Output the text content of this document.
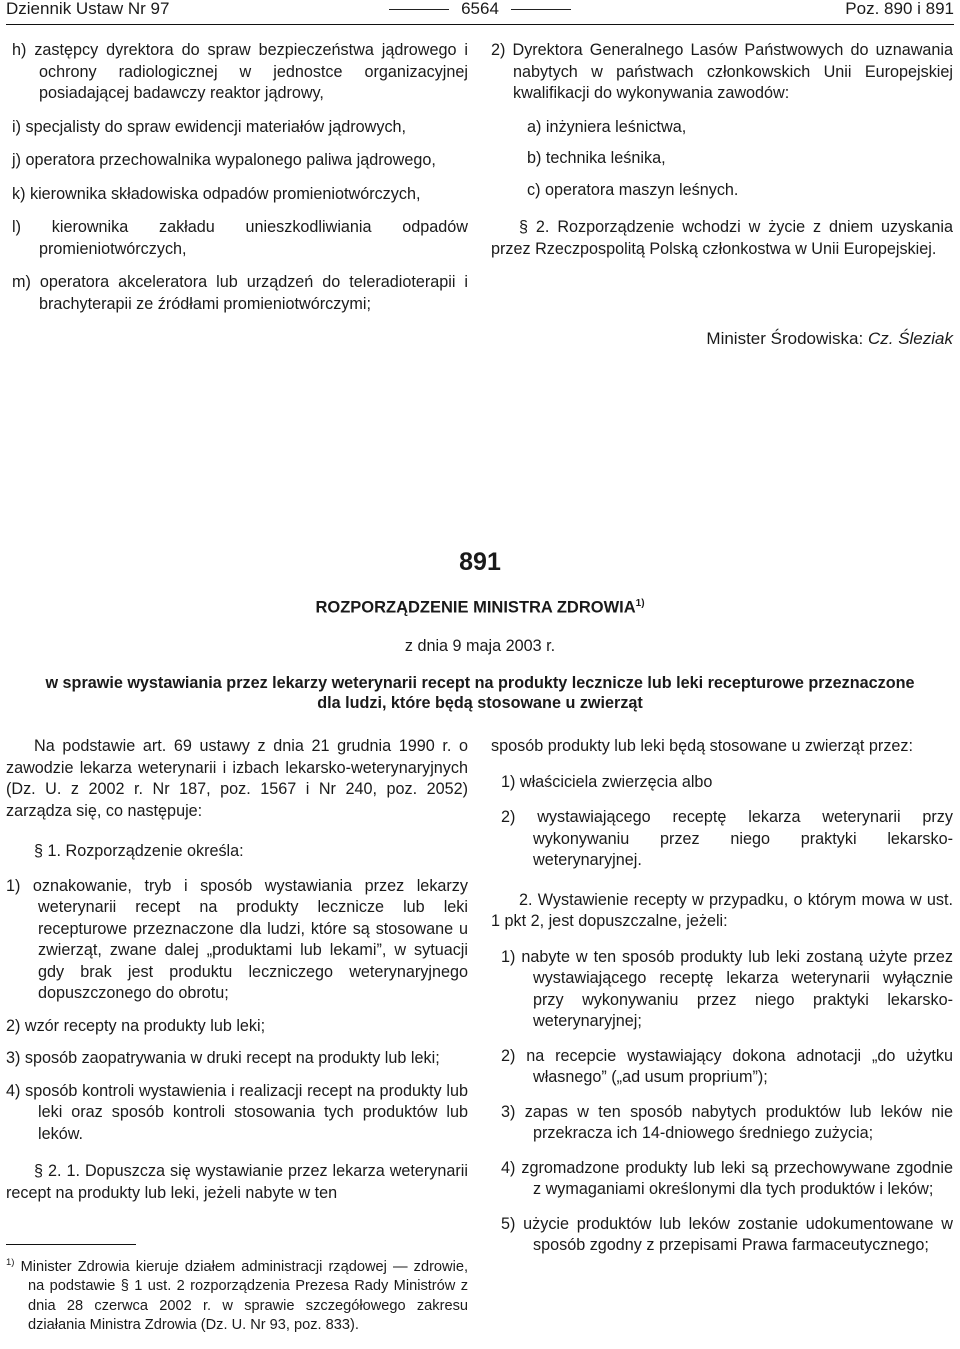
Dziennik Ustaw Nr 97	6564	Poz. 890 i 891

h) zastępcy dyrektora do spraw bezpieczeństwa jądrowego i ochrony radiologicznej w jednostce organizacyjnej posiadającej badawczy reaktor jądrowy,

i) specjalisty do spraw ewidencji materiałów jądrowych,

j) operatora przechowalnika wypalonego paliwa jądrowego,

k) kierownika składowiska odpadów promieniotwórczych,

l) kierownika zakładu unieszkodliwiania odpadów promieniotwórczych,

m) operatora akceleratora lub urządzeń do teleradioterapii i brachyterapii ze źródłami promieniotwórczymi;

2) Dyrektora Generalnego Lasów Państwowych do uznawania nabytych w państwach członkowskich Unii Europejskiej kwalifikacji do wykonywania zawodów:

a) inżyniera leśnictwa,

b) technika leśnika,

c) operatora maszyn leśnych.

§ 2. Rozporządzenie wchodzi w życie z dniem uzyskania przez Rzeczpospolitą Polską członkostwa w Unii Europejskiej.

Minister Środowiska: Cz. Śleziak

891
ROZPORZĄDZENIE MINISTRA ZDROWIA$^{1)}$
z dnia 9 maja 2003 r.
w sprawie wystawiania przez lekarzy weterynarii recept na produkty lecznicze lub leki recepturowe przeznaczone dla ludzi, które będą stosowane u zwierząt

Na podstawie art. 69 ustawy z dnia 21 grudnia 1990 r. o zawodzie lekarza weterynarii i izbach lekarsko-weterynaryjnych (Dz. U. z 2002 r. Nr 187, poz. 1567 i Nr 240, poz. 2052) zarządza się, co następuje:

§ 1. Rozporządzenie określa:

1) oznakowanie, tryb i sposób wystawiania przez lekarzy weterynarii recept na produkty lecznicze lub leki recepturowe przeznaczone dla ludzi, które są stosowane u zwierząt, zwane dalej „produktami lub lekami”, w sytuacji gdy brak jest produktu leczniczego weterynaryjnego dopuszczonego do obrotu;

2) wzór recepty na produkty lub leki;

3) sposób zaopatrywania w druki recept na produkty lub leki;

4) sposób kontroli wystawienia i realizacji recept na produkty lub leki oraz sposób kontroli stosowania tych produktów lub leków.

§ 2. 1. Dopuszcza się wystawianie przez lekarza weterynarii recept na produkty lub leki, jeżeli nabyte w ten

$^{1)}$ Minister Zdrowia kieruje działem administracji rządowej — zdrowie, na podstawie § 1 ust. 2 rozporządzenia Prezesa Rady Ministrów z dnia 28 czerwca 2002 r. w sprawie szczegółowego zakresu działania Ministra Zdrowia (Dz. U. Nr 93, poz. 833).

sposób produkty lub leki będą stosowane u zwierząt przez:

1) właściciela zwierzęcia albo

2) wystawiającego receptę lekarza weterynarii przy wykonywaniu przez niego praktyki lekarsko-weterynaryjnej.

2. Wystawienie recepty w przypadku, o którym mowa w ust. 1 pkt 2, jest dopuszczalne, jeżeli:

1) nabyte w ten sposób produkty lub leki zostaną użyte przez wystawiającego receptę lekarza weterynarii wyłącznie przy wykonywaniu przez niego praktyki lekarsko-weterynaryjnej;

2) na recepcie wystawiający dokona adnotacji „do użytku własnego” („ad usum proprium”);

3) zapas w ten sposób nabytych produktów lub leków nie przekracza ich 14-dniowego średniego zużycia;

4) zgromadzone produkty lub leki są przechowywane zgodnie z wymaganiami określonymi dla tych produktów i leków;

5) użycie produktów lub leków zostanie udokumentowane w sposób zgodny z przepisami Prawa farmaceutycznego;
